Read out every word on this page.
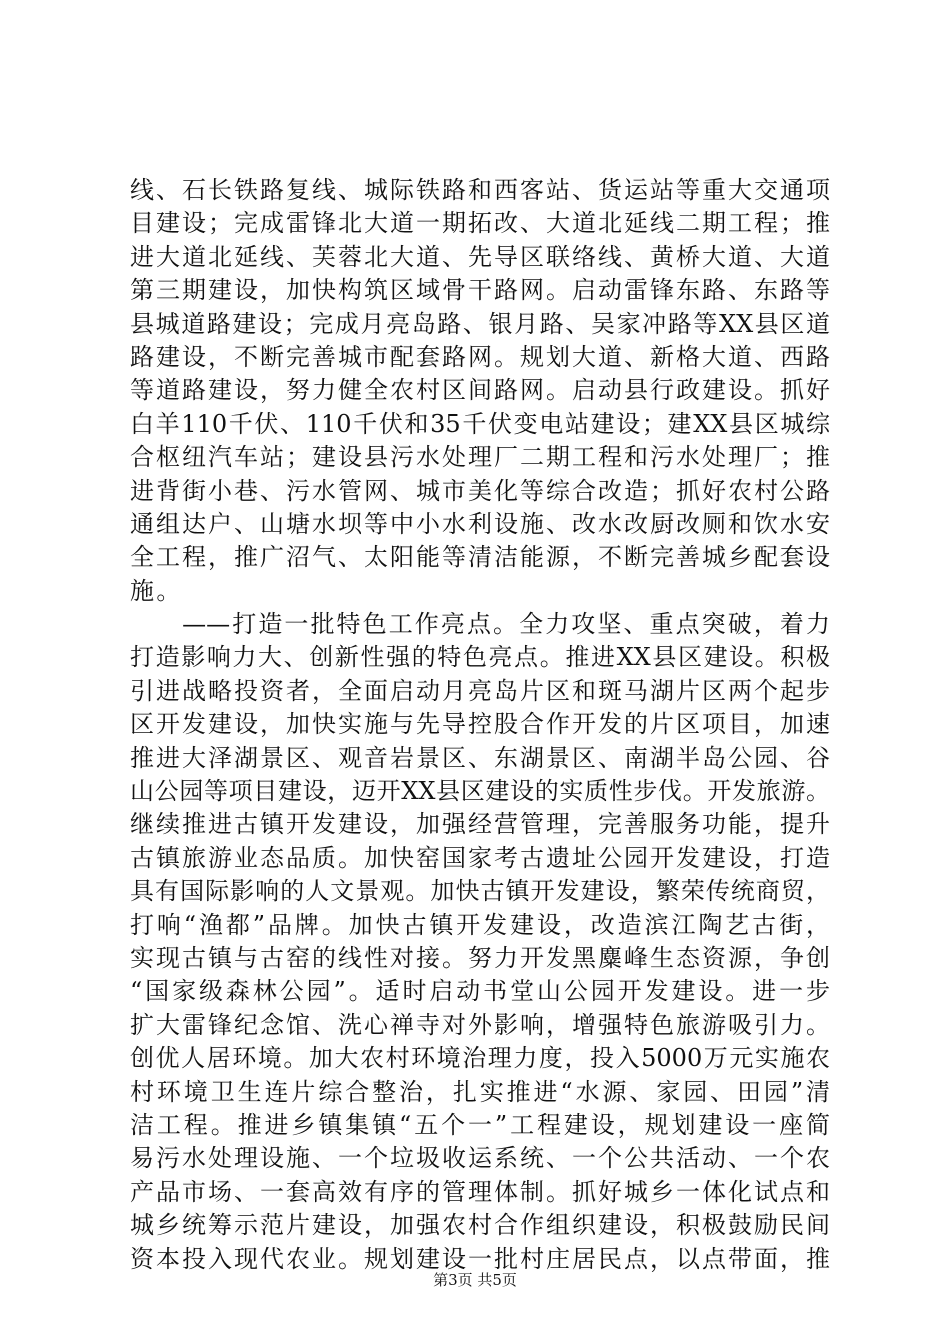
线、石长铁路复线、城际铁路和西客站、货运站等重大交通项
目建设；完成雷锋北大道一期拓改、大道北延线二期工程；推
进大道北延线、芙蓉北大道、先导区联络线、黄桥大道、大道
第三期建设，加快构筑区域骨干路网。启动雷锋东路、东路等
县城道路建设；完成月亮岛路、银月路、吴家冲路等XX县区道
路建设，不断完善城市配套路网。规划大道、新格大道、西路
等道路建设，努力健全农村区间路网。启动县行政建设。抓好
白羊110千伏、110千伏和35千伏变电站建设；建XX县区城综
合枢纽汽车站；建设县污水处理厂二期工程和污水处理厂；推
进背街小巷、污水管网、城市美化等综合改造；抓好农村公路
通组达户、山塘水坝等中小水利设施、改水改厨改厕和饮水安
全工程，推广沼气、太阳能等清洁能源，不断完善城乡配套设
施。
　　——打造一批特色工作亮点。全力攻坚、重点突破，着力
打造影响力大、创新性强的特色亮点。推进XX县区建设。积极
引进战略投资者，全面启动月亮岛片区和斑马湖片区两个起步
区开发建设，加快实施与先导控股合作开发的片区项目，加速
推进大泽湖景区、观音岩景区、东湖景区、南湖半岛公园、谷
山公园等项目建设，迈开XX县区建设的实质性步伐。开发旅游。
继续推进古镇开发建设，加强经营管理，完善服务功能，提升
古镇旅游业态品质。加快窑国家考古遗址公园开发建设，打造
具有国际影响的人文景观。加快古镇开发建设，繁荣传统商贸，
打响“渔都”品牌。加快古镇开发建设，改造滨江陶艺古街，
实现古镇与古窑的线性对接。努力开发黑麋峰生态资源，争创
“国家级森林公园”。适时启动书堂山公园开发建设。进一步
扩大雷锋纪念馆、洗心禅寺对外影响，增强特色旅游吸引力。
创优人居环境。加大农村环境治理力度，投入5000万元实施农
村环境卫生连片综合整治，扎实推进“水源、家园、田园”清
洁工程。推进乡镇集镇“五个一”工程建设，规划建设一座简
易污水处理设施、一个垃圾收运系统、一个公共活动、一个农
产品市场、一套高效有序的管理体制。抓好城乡一体化试点和
城乡统筹示范片建设，加强农村合作组织建设，积极鼓励民间
资本投入现代农业。规划建设一批村庄居民点，以点带面，推
第3页 共5页
